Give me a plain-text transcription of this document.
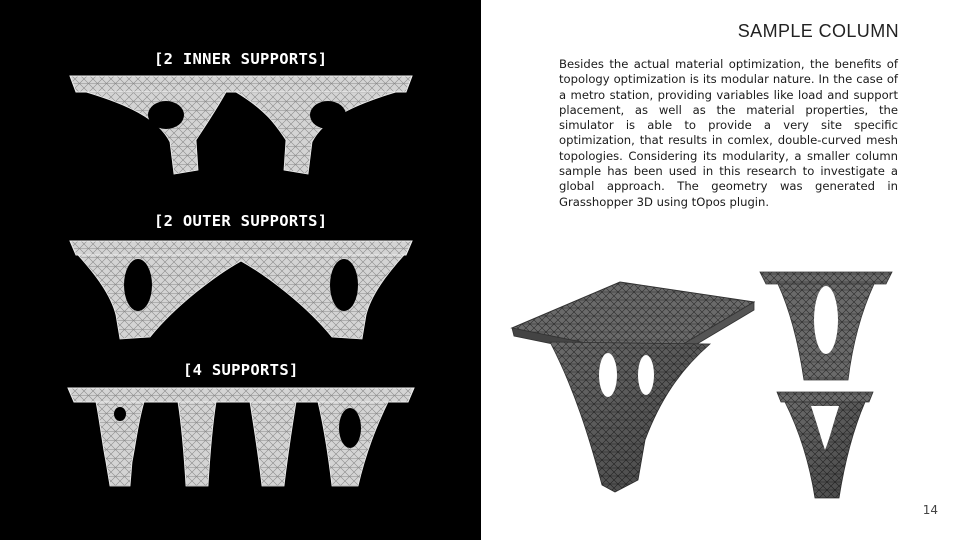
[2 INNER SUPPORTS]
[2 OUTER SUPPORTS]
[4 SUPPORTS]
SAMPLE COLUMN
Besides the actual material optimization, the benefits of topology optimization is its modular nature. In the case of a metro station, providing variables like load and support placement, as well as the material properties, the simulator is able to provide a very site specific optimization, that results in comlex, double-curved mesh topologies. Considering its modularity, a smaller column sample has been used in this research to investigate a global approach. The geometry was generated in Grasshopper 3D using tOpos plugin.
14
